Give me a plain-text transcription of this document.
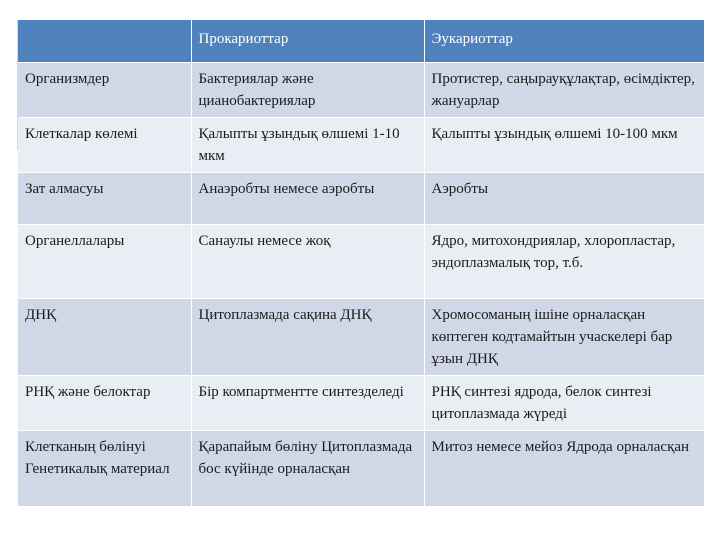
	Прокариоттар	Эукариоттар
Организмдер	Бактериялар және цианобактериялар	Протистер, саңырауқұлақтар, өсімдіктер, жануарлар
Клеткалар көлемі	Қалыпты ұзындық өлшемі 1-10 мкм	Қалыпты ұзындық өлшемі 10-100 мкм
Зат алмасуы	Анаэробты немесе аэробты	Аэробты
Органеллалары	Санаулы немесе жоқ	Ядро, митохондриялар, хлоропластар, эндоплазмалық тор, т.б.
ДНҚ	Цитоплазмада сақина ДНҚ	Хромосоманың ішіне орналасқан көптеген кодтамайтын учаскелері бар ұзын ДНҚ
РНҚ және белоктар	Бір компартментте синтезделеді	РНҚ синтезі ядрода, белок синтезі цитоплазмада жүреді
Клетканың бөлінуі Генетикалық материал	Қарапайым бөліну Цитоплазмада бос күйінде орналасқан	Митоз немесе мейоз Ядрода орналасқан
